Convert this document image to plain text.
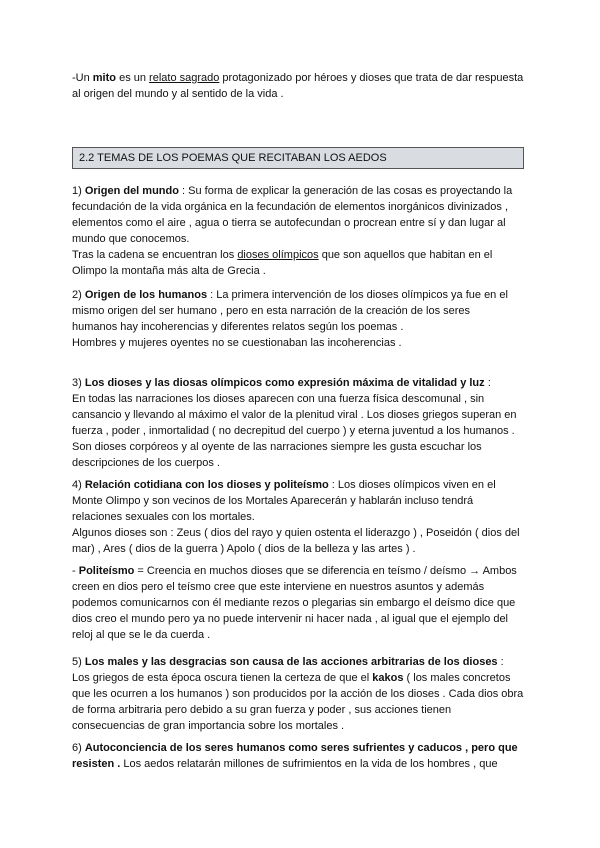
-Un mito es un relato sagrado protagonizado por héroes y dioses que trata de dar respuesta

al origen del mundo y al sentido de la vida .

2.2 TEMAS DE LOS POEMAS QUE RECITABAN LOS AEDOS

1) Origen del mundo : Su forma de explicar la generación de las cosas es proyectando la

fecundación de la vida orgánica en la fecundación de elementos inorgánicos divinizados ,

elementos como el aire , agua o tierra se autofecundan o procrean entre sí y dan lugar al

mundo que conocemos.

Tras la cadena se encuentran los dioses olímpicos que son aquellos que habitan en el

Olimpo la montaña más alta de Grecia .

2) Origen de los humanos : La primera intervención de los dioses olímpicos ya fue en el

mismo origen del ser humano , pero en esta narración de la creación de los seres

humanos hay incoherencias y diferentes relatos según los poemas .

Hombres y mujeres oyentes no se cuestionaban las incoherencias .

3) Los dioses y las diosas olímpicos como expresión máxima de vitalidad y luz :

En todas las narraciones los dioses aparecen con una fuerza física descomunal , sin

cansancio y llevando al máximo el valor de la plenitud viral . Los dioses griegos superan en

fuerza , poder , inmortalidad ( no decrepitud del cuerpo ) y eterna juventud a los humanos .

Son dioses corpóreos y al oyente de las narraciones siempre les gusta escuchar los

descripciones de los cuerpos .

4) Relación cotidiana con los dioses y politeísmo : Los dioses olímpicos viven en el

Monte Olimpo y son vecinos de los Mortales Aparecerán y hablarán incluso tendrá

relaciones sexuales con los mortales.

Algunos dioses son : Zeus ( dios del rayo y quien ostenta el liderazgo ) , Poseidón ( dios del

mar) , Ares ( dios de la guerra ) Apolo ( dios de la belleza y las artes ) .

- Politeísmo = Creencia en muchos dioses que se diferencia en teísmo / deísmo → Ambos

creen en dios pero el teísmo cree que este interviene en nuestros asuntos y además

podemos comunicarnos con él mediante rezos o plegarias sin embargo el deísmo dice que

dios creo el mundo pero ya no puede intervenir ni hacer nada , al igual que el ejemplo del

reloj al que se le da cuerda .

5) Los males y las desgracias son causa de las acciones arbitrarias de los dioses :

Los griegos de esta época oscura tienen la certeza de que el kakos ( los males concretos

que les ocurren a los humanos ) son producidos por la acción de los dioses . Cada dios obra

de forma arbitraria pero debido a su gran fuerza y poder , sus acciones tienen

consecuencias de gran importancia sobre los mortales .

6) Autoconciencia de los seres humanos como seres sufrientes y caducos , pero que

resisten . Los aedos relatarán millones de sufrimientos en la vida de los hombres , que
